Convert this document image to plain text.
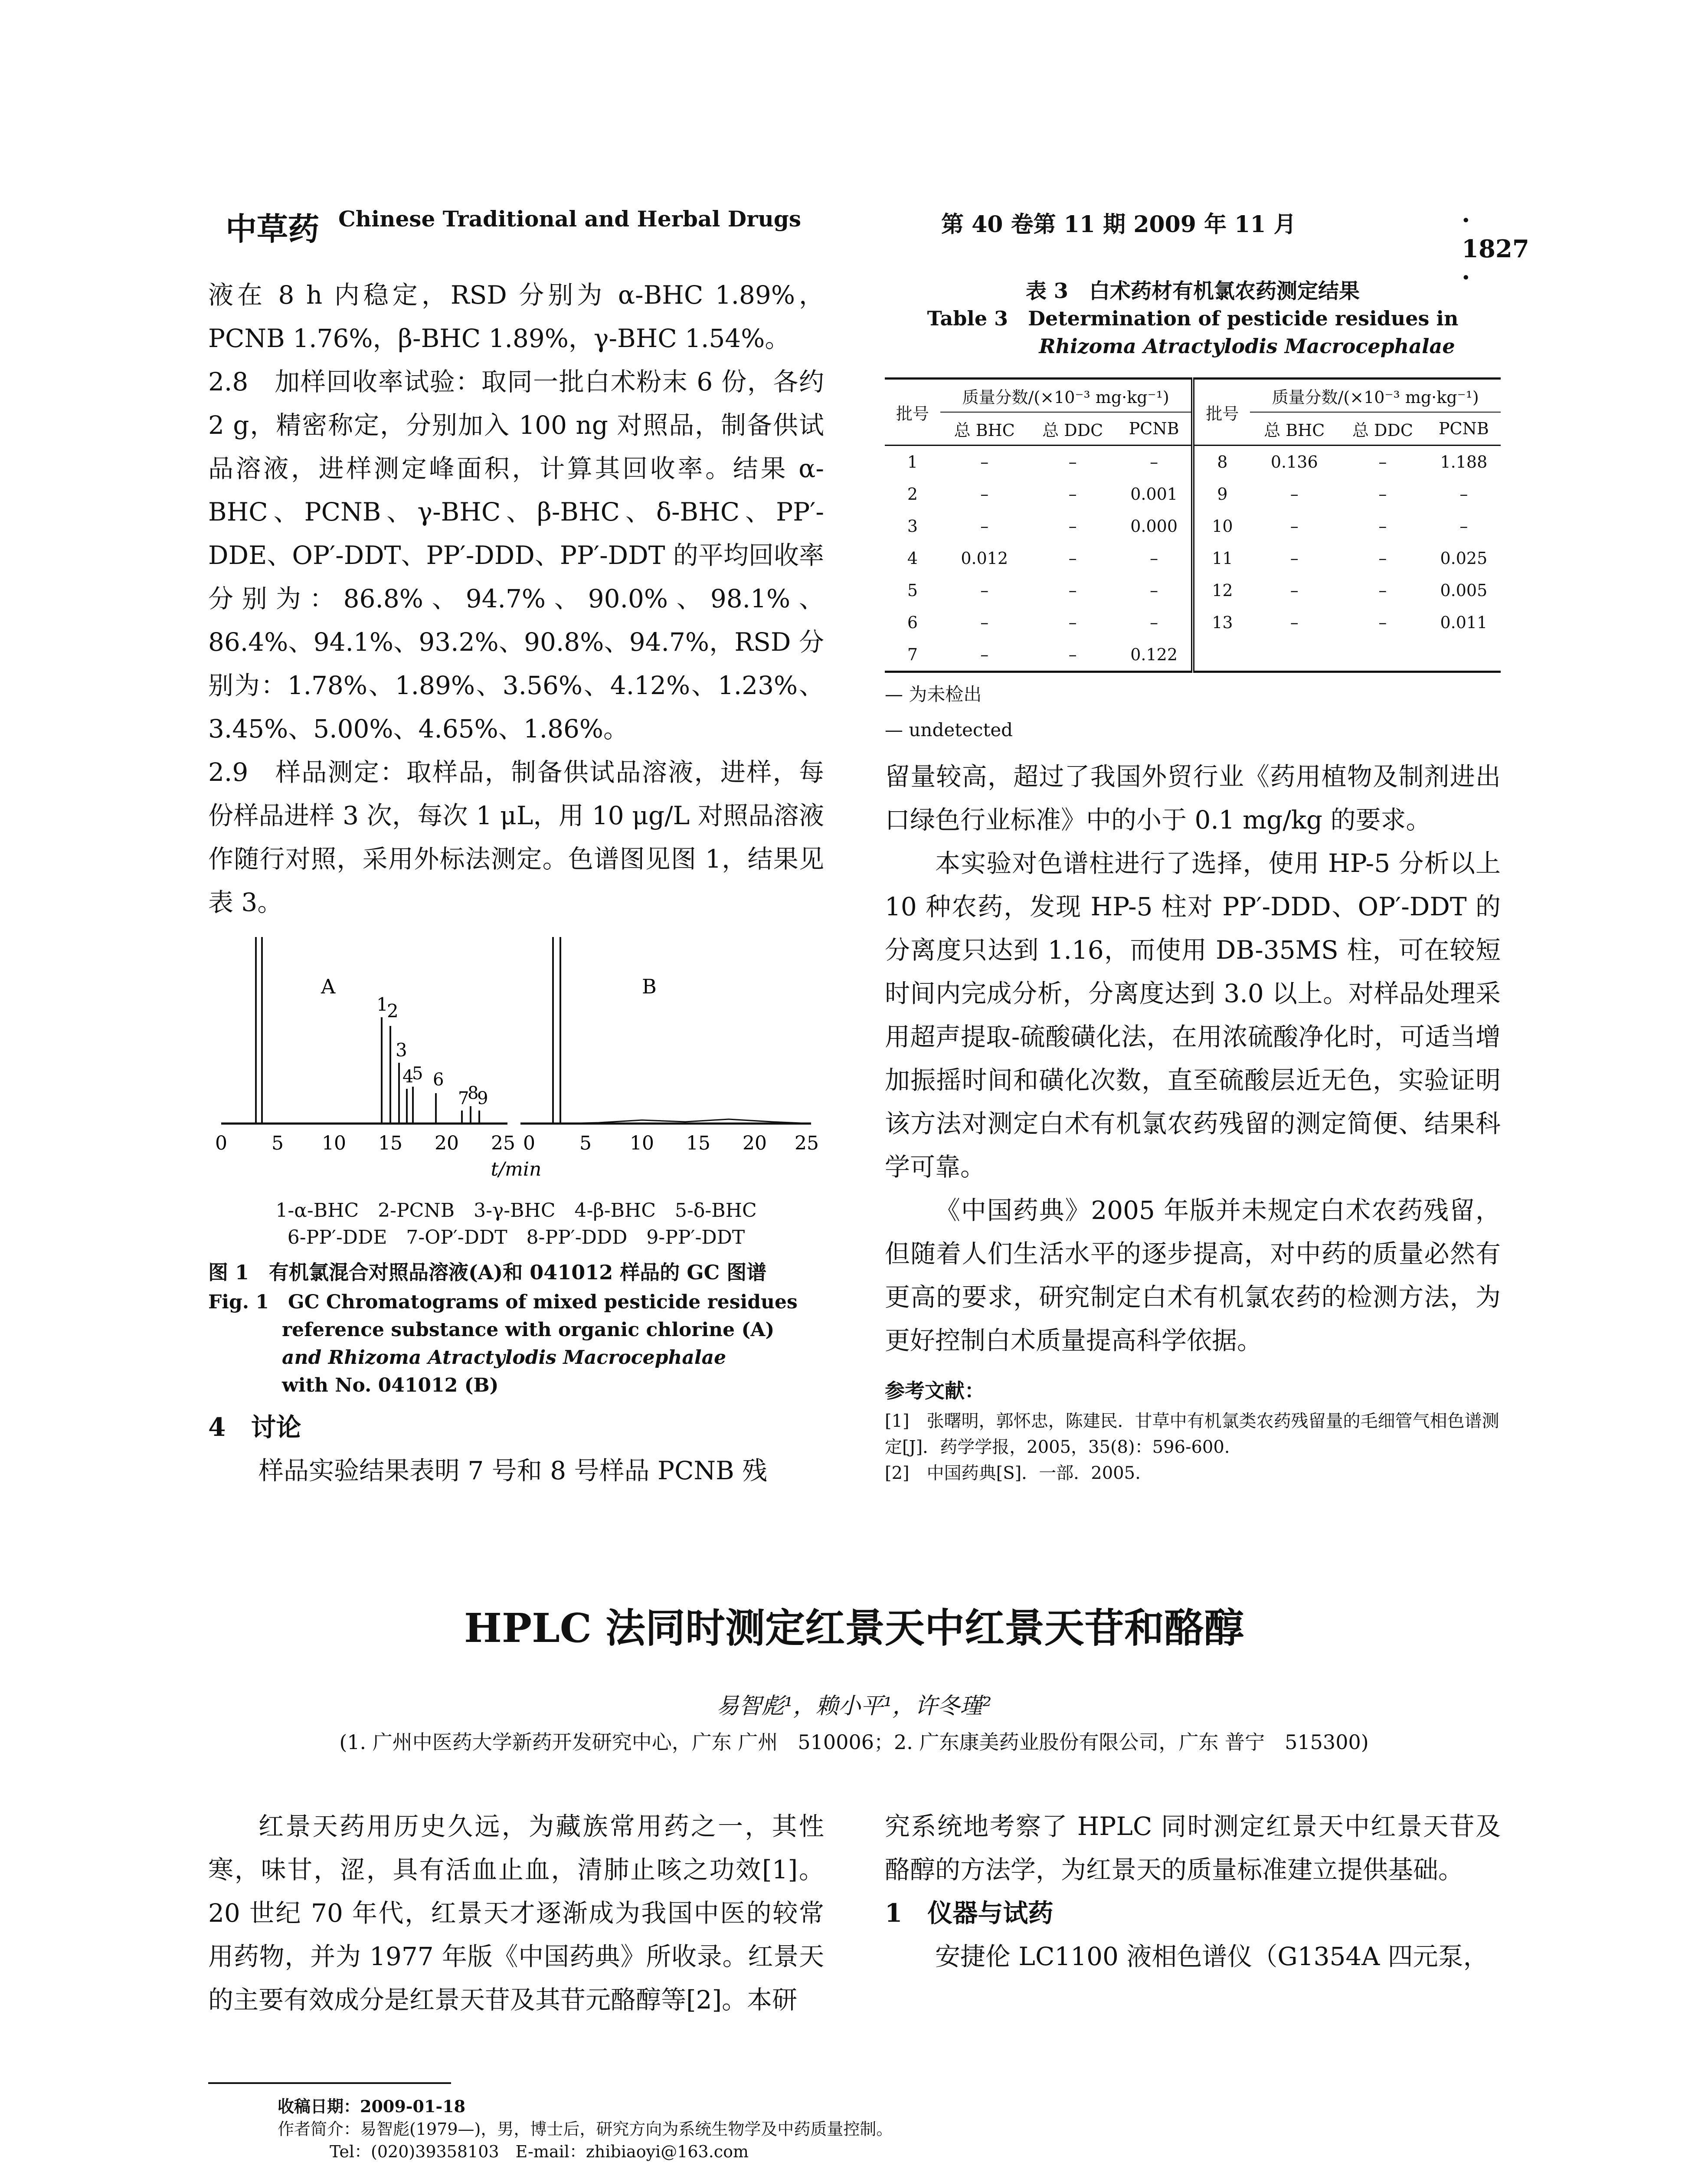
中草药 Chinese Traditional and Herbal Drugs	第 40 卷第 11 期 2009 年 11 月	· 1827 ·

液在 8 h 内稳定，RSD 分别为 α-BHC 1.89%，PCNB 1.76%，β-BHC 1.89%，γ-BHC 1.54%。

2.8　加样回收率试验：取同一批白术粉末 6 份，各约 2 g，精密称定，分别加入 100 ng 对照品，制备供试品溶液，进样测定峰面积，计算其回收率。结果 α-BHC、PCNB、γ-BHC、β-BHC、δ-BHC、PP′-DDE、OP′-DDT、PP′-DDD、PP′-DDT 的平均回收率分别为：86.8%、94.7%、90.0%、98.1%、86.4%、94.1%、93.2%、90.8%、94.7%，RSD 分别为：1.78%、1.89%、3.56%、4.12%、1.23%、3.45%、5.00%、4.65%、1.86%。

2.9　样品测定：取样品，制备供试品溶液，进样，每份样品进样 3 次，每次 1 μL，用 10 μg/L 对照品溶液作随行对照，采用外标法测定。色谱图见图 1，结果见表 3。

A
1
2
3
4
5 6
7
8
9
0 5 10 15 20 25
B
0 5 10 15 20 25
t/min
1-α-BHC　2-PCNB　3-γ-BHC　4-β-BHC　5-δ-BHC
6-PP′-DDE　7-OP′-DDT　8-PP′-DDD　9-PP′-DDT
图 1　有机氯混合对照品溶液(A)和 041012 样品的 GC 图谱
Fig. 1　GC Chromatograms of mixed pesticide residues
reference substance with organic chlorine (A)
and Rhizoma Atractylodis Macrocephalae
with No. 041012 (B)

4　讨论

样品实验结果表明 7 号和 8 号样品 PCNB 残

表 3　白术药材有机氯农药测定结果
Table 3　Determination of pesticide residues in
Rhizoma Atractylodis Macrocephalae
批号	质量分数/(×10⁻³ mg·kg⁻¹)			批号	质量分数/(×10⁻³ mg·kg⁻¹)		
	总 BHC	总 DDC	PCNB		总 BHC	总 DDC	PCNB
1	–	–	–	8	0.136	–	1.188
2	–	–	0.001	9	–	–	–
3	–	–	0.000	10	–	–	–
4	0.012	–	–	11	–	–	0.025
5	–	–	–	12	–	–	0.005
6	–	–	–	13	–	–	0.011
7	–	–	0.122				
— 为未检出
— undetected

留量较高，超过了我国外贸行业《药用植物及制剂进出口绿色行业标准》中的小于 0.1 mg/kg 的要求。

本实验对色谱柱进行了选择，使用 HP-5 分析以上 10 种农药，发现 HP-5 柱对 PP′-DDD、OP′-DDT 的分离度只达到 1.16，而使用 DB-35MS 柱，可在较短时间内完成分析，分离度达到 3.0 以上。对样品处理采用超声提取-硫酸磺化法，在用浓硫酸净化时，可适当增加振摇时间和磺化次数，直至硫酸层近无色，实验证明该方法对测定白术有机氯农药残留的测定简便、结果科学可靠。

《中国药典》2005 年版并未规定白术农药残留，但随着人们生活水平的逐步提高，对中药的质量必然有更高的要求，研究制定白术有机氯农药的检测方法，为更好控制白术质量提高科学依据。

参考文献：
[1]　张曙明，郭怀忠，陈建民．甘草中有机氯类农药残留量的毛细管气相色谱测定[J]．药学学报，2005，35(8)：596-600.
[2]　中国药典[S]．一部．2005.
HPLC 法同时测定红景天中红景天苷和酪醇
易智彪¹，赖小平¹，许冬瑾²
(1. 广州中医药大学新药开发研究中心，广东 广州　510006；2. 广东康美药业股份有限公司，广东 普宁　515300)

红景天药用历史久远，为藏族常用药之一，其性寒，味甘，涩，具有活血止血，清肺止咳之功效[1]。20 世纪 70 年代，红景天才逐渐成为我国中医的较常用药物，并为 1977 年版《中国药典》所收录。红景天的主要有效成分是红景天苷及其苷元酪醇等[2]。本研

究系统地考察了 HPLC 同时测定红景天中红景天苷及酪醇的方法学，为红景天的质量标准建立提供基础。

1　仪器与试药

安捷伦 LC1100 液相色谱仪（G1354A 四元泵，

收稿日期：2009-01-18
作者简介：易智彪(1979—)，男，博士后，研究方向为系统生物学及中药质量控制。
Tel：(020)39358103　E-mail：zhibiaoyi@163.com
